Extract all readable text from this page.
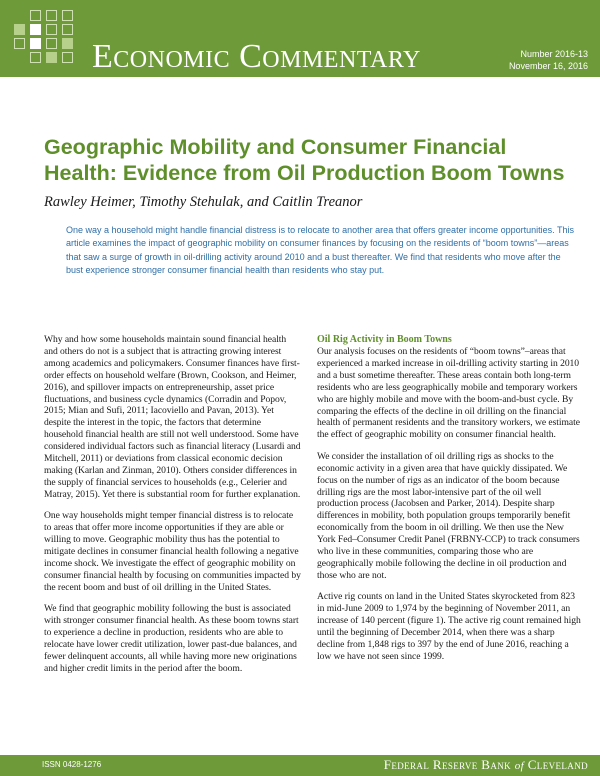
Economic Commentary	Number 2016-13
November 16, 2016
Geographic Mobility and Consumer Financial Health: Evidence from Oil Production Boom Towns

Rawley Heimer, Timothy Stehulak, and Caitlin Treanor

One way a household might handle financial distress is to relocate to another area that offers greater income opportunities. This article examines the impact of geographic mobility on consumer finances by focusing on the residents of “boom towns”—areas that saw a surge of growth in oil-drilling activity around 2010 and a bust thereafter. We find that residents who move after the bust experience stronger consumer financial health than residents who stay put.

Why and how some households maintain sound financial health and others do not is a subject that is attracting growing interest among academics and policymakers. Consumer finances have first-order effects on household welfare (Brown, Cookson, and Heimer, 2016), and spillover impacts on entrepreneurship, asset price fluctuations, and business cycle dynamics (Corradin and Popov, 2015; Mian and Sufi, 2011; Iacoviello and Pavan, 2013). Yet despite the interest in the topic, the factors that determine household financial health are still not well understood. Some have considered individual factors such as financial literacy (Lusardi and Mitchell, 2011) or deviations from classical economic decision making (Karlan and Zinman, 2010). Others consider differences in the supply of financial services to households (e.g., Celerier and Matray, 2015). Yet there is substantial room for further explanation.

One way households might temper financial distress is to relocate to areas that offer more income opportunities if they are able or willing to move. Geographic mobility thus has the potential to mitigate declines in consumer financial health following a negative income shock. We investigate the effect of geographic mobility on consumer financial health by focusing on communities impacted by the recent boom and bust of oil drilling in the United States.

We find that geographic mobility following the bust is associated with stronger consumer financial health. As these boom towns start to experience a decline in production, residents who are able to relocate have lower credit utilization, lower past-due balances, and fewer delinquent accounts, all while having more new originations and higher credit limits in the period after the boom.

Oil Rig Activity in Boom Towns

Our analysis focuses on the residents of “boom towns”–areas that experienced a marked increase in oil-drilling activity starting in 2010 and a bust sometime thereafter. These areas contain both long-term residents who are less geographically mobile and temporary workers who are highly mobile and move with the boom-and-bust cycle. By comparing the effects of the decline in oil drilling on the financial health of permanent residents and the transitory workers, we estimate the effect of geographic mobility on consumer financial health.

We consider the installation of oil drilling rigs as shocks to the economic activity in a given area that have quickly dissipated. We focus on the number of rigs as an indicator of the boom because drilling rigs are the most labor-intensive part of the oil well production process (Jacobsen and Parker, 2014). Despite sharp differences in mobility, both population groups temporarily benefit economically from the boom in oil drilling. We then use the New York Fed–Consumer Credit Panel (FRBNY-CCP) to track consumers who live in these communities, comparing those who are geographically mobile following the decline in oil production and those who are not.

Active rig counts on land in the United States skyrocketed from 823 in mid-June 2009 to 1,974 by the beginning of November 2011, an increase of 140 percent (figure 1). The active rig count remained high until the beginning of December 2014, when there was a sharp decline from 1,848 rigs to 397 by the end of June 2016, reaching a low we have not seen since 1999.

ISSN 0428-1276	Federal Reserve Bank of Cleveland
